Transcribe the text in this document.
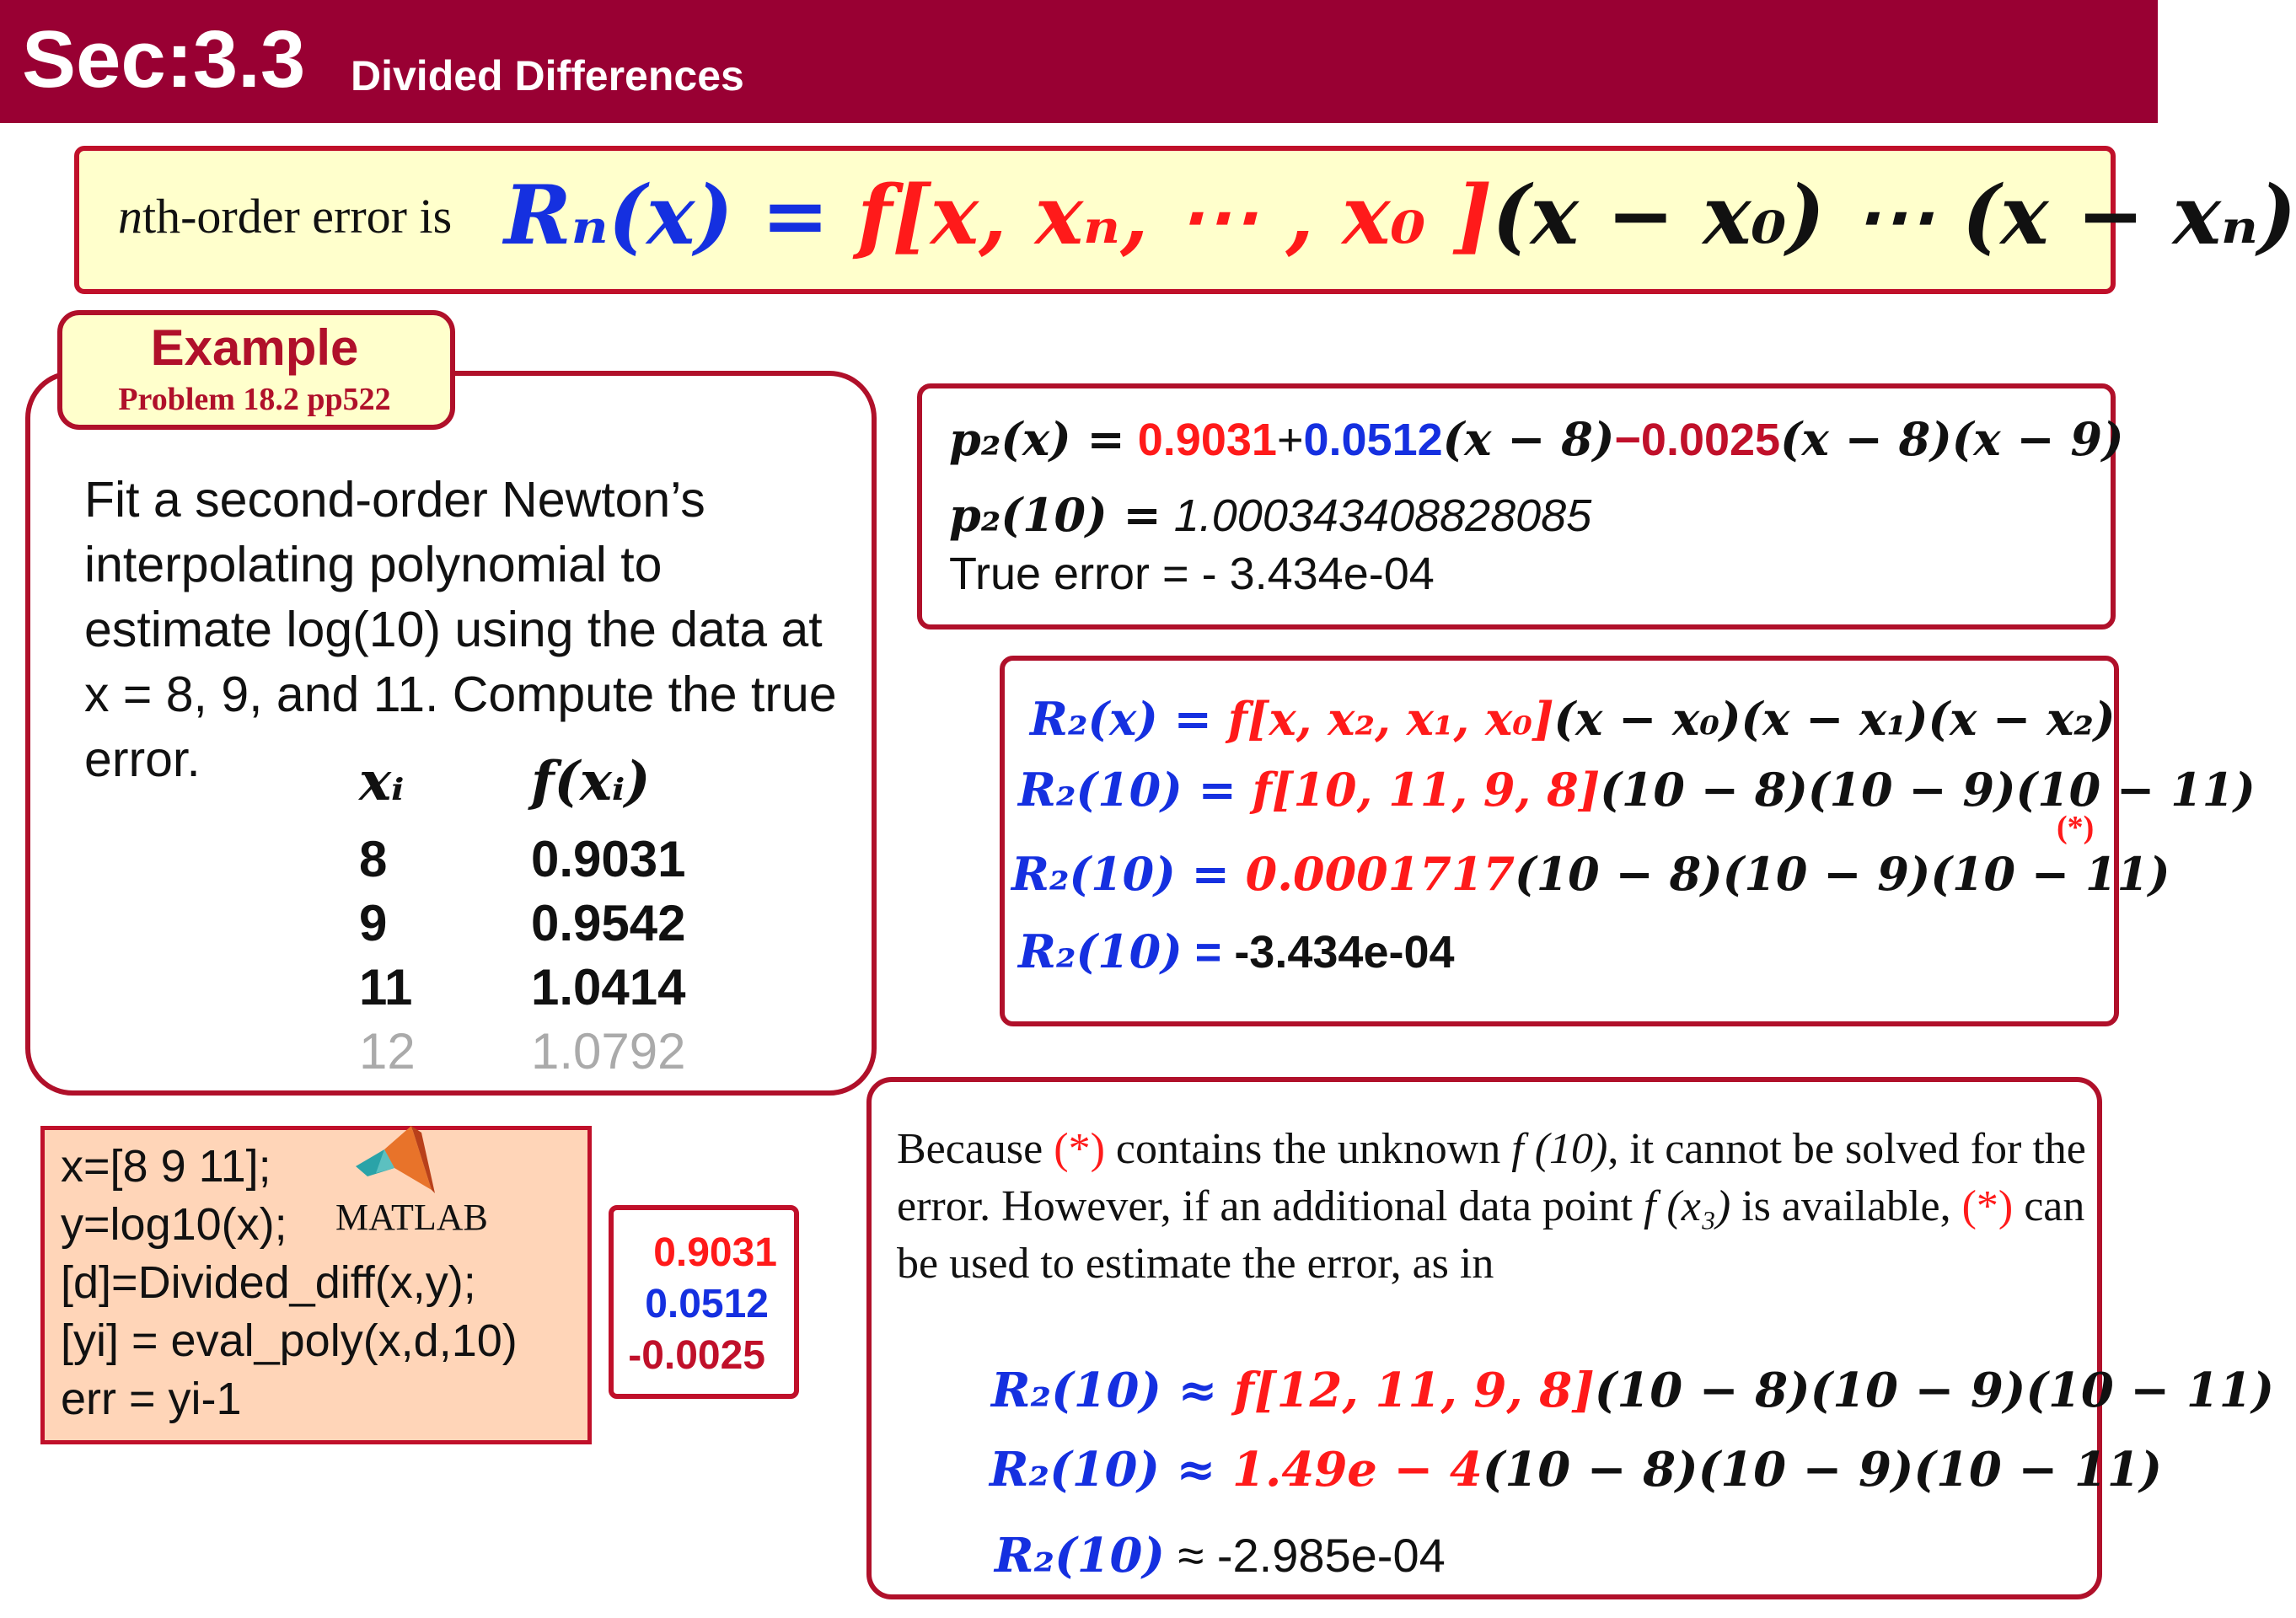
Sec:3.3 Divided Differences
nth-order error is Rₙ(x) = f[x, xₙ, ⋯ , x₀ ](x − x₀) ⋯ (x − xₙ)
Example
Problem 18.2 pp522
Fit a second-order Newton’s interpolating polynomial to estimate log(10) using the data at x = 8, 9, and 11. Compute the true error.	xᵢ f(xᵢ)
8	0.9031
9	0.9542
11 1.0414
12 1.0792
p₂(x) = 0.9031+0.0512(x − 8)−0.0025(x − 8)(x − 9)
p₂(10) = 1.000343408828085
True error = - 3.434e-04
R₂(x) = f[x, x₂, x₁, x₀](x − x₀)(x − x₁)(x − x₂)
R₂(10) = f[10, 11, 9, 8](10 − 8)(10 − 9)(10 − 11)
(*)
R₂(10) = 0.0001717(10 − 8)(10 − 9)(10 − 11)
R₂(10) = -3.434e-04
x=[8 9 11];
y=log10(x);
[d]=Divided_diff(x,y);
[yi] = eval_poly(x,d,10)
err = yi-1
MATLAB
0.9031
0.0512
-0.0025
Because (*) contains the unknown f (10), it cannot be solved for the error. However, if an additional data point f (x₃) is available, (*) can be used to estimate the error, as in
R₂(10) ≈ f[12, 11, 9, 8](10 − 8)(10 − 9)(10 − 11)
R₂(10) ≈ 1.49e − 4(10 − 8)(10 − 9)(10 − 11)
R₂(10) ≈ -2.985e-04
